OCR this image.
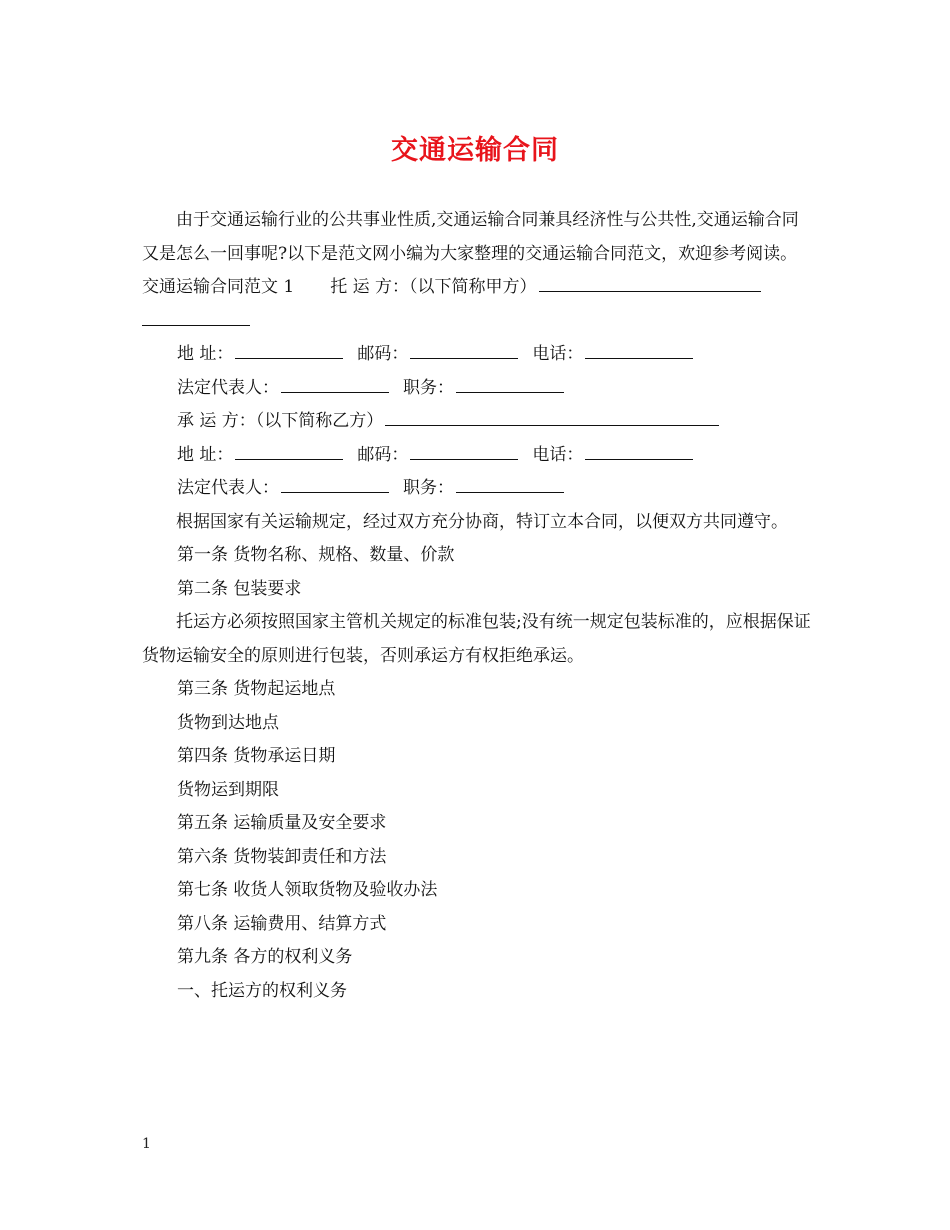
交通运输合同

由于交通运输行业的公共事业性质,交通运输合同兼具经济性与公共性,交通运输合同又是怎么一回事呢?以下是范文网小编为大家整理的交通运输合同范文，欢迎参考阅读。

交通运输合同范文 1 托 运 方：（以下简称甲方）

地 址：	邮码：	电话：

法定代表人：	职务：

承 运 方：（以下简称乙方）

地 址：	邮码：	电话：

法定代表人：	职务：

根据国家有关运输规定，经过双方充分协商，特订立本合同，以便双方共同遵守。

第一条 货物名称、规格、数量、价款

第二条 包装要求

托运方必须按照国家主管机关规定的标准包装;没有统一规定包装标准的，应根据保证货物运输安全的原则进行包装，否则承运方有权拒绝承运。

第三条 货物起运地点

货物到达地点

第四条 货物承运日期

货物运到期限

第五条 运输质量及安全要求

第六条 货物装卸责任和方法

第七条 收货人领取货物及验收办法

第八条 运输费用、结算方式

第九条 各方的权利义务

一、托运方的权利义务

1
